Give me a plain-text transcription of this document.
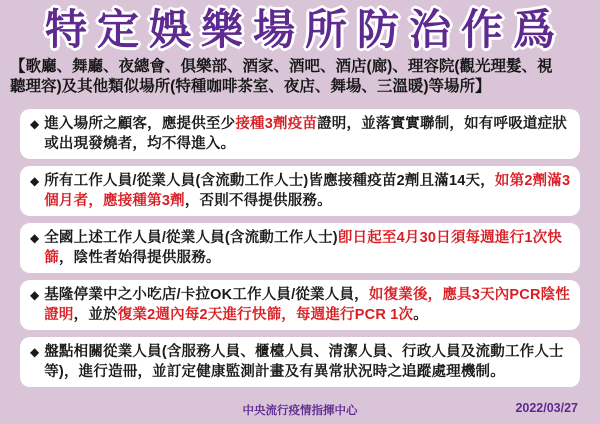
特定娛樂場所防治作爲
【歌廳、舞廳、夜總會、俱樂部、酒家、酒吧、酒店(廊)、理容院(觀光理髮、視
聽理容)及其他類似場所(特種咖啡茶室、夜店、舞場、三溫暖)等場所】
◆ 進入場所之顧客，應提供至少接種3劑疫苗證明，並落實實聯制，如有呼吸道症狀或出現發燒者，均不得進入。

◆ 所有工作人員/從業人員(含流動工作人士)皆應接種疫苗2劑且滿14天，如第2劑滿3個月者，應接種第3劑，否則不得提供服務。

◆ 全國上述工作人員/從業人員(含流動工作人士)卽日起至4月30日須每週進行1次快篩，陰性者始得提供服務。

◆ 基隆停業中之小吃店/卡拉OK工作人員/從業人員，如復業後，應具3天內PCR陰性證明，並於復業2週內每2天進行快篩，每週進行PCR 1次。

◆ 盤點相關從業人員(含服務人員、櫃檯人員、清潔人員、行政人員及流動工作人士等)，進行造冊，並訂定健康監測計畫及有異常狀況時之追蹤處理機制。

中央流行疫情指揮中心	2022/03/27
